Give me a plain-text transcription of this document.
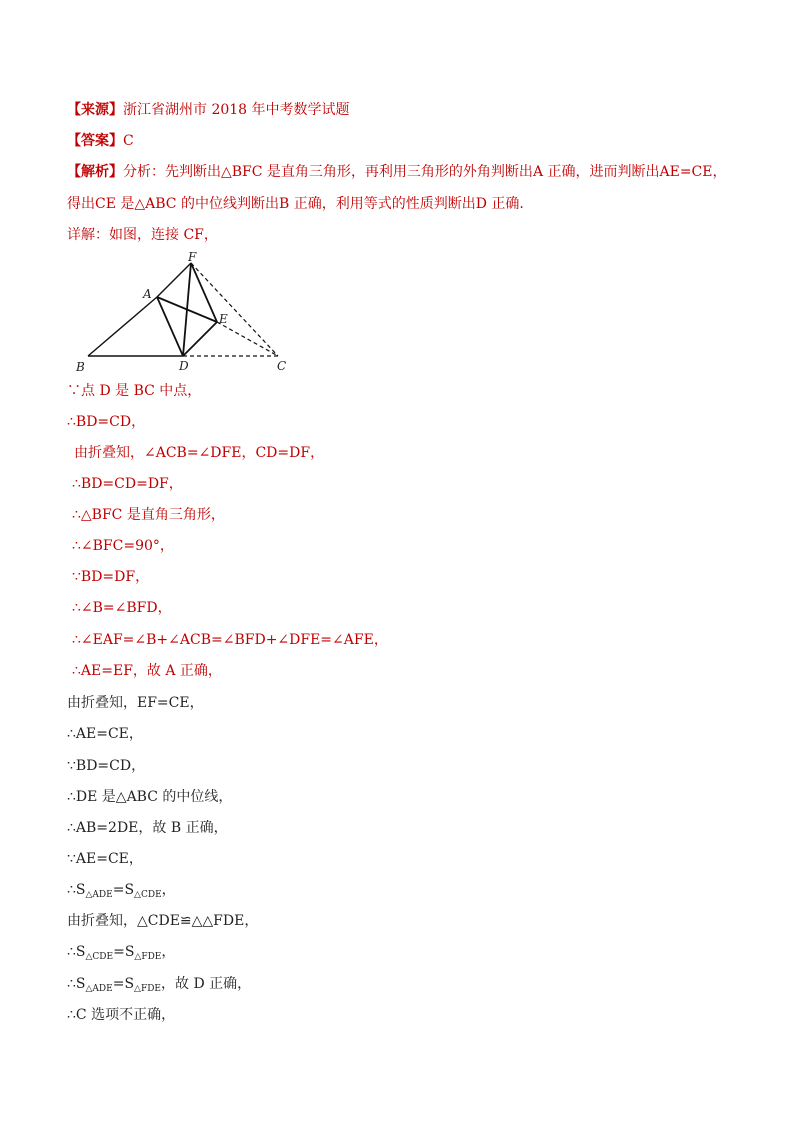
【来源】浙江省湖州市 2018 年中考数学试题
【答案】C
【解析】分析：先判断出△BFC 是直角三角形，再利用三角形的外角判断出A 正确，进而判断出AE=CE，
得出CE 是△ABC 的中位线判断出B 正确，利用等式的性质判断出D 正确.
详解：如图，连接 CF，
F
A
E
B	D	C
∵点 D 是 BC 中点，
∴BD=CD，
由折叠知，∠ACB=∠DFE，CD=DF，
∴BD=CD=DF，
∴△BFC 是直角三角形，
∴∠BFC=90°，
∵BD=DF，
∴∠B=∠BFD，
∴∠EAF=∠B+∠ACB=∠BFD+∠DFE=∠AFE，
∴AE=EF，故 A 正确，
由折叠知，EF=CE，
∴AE=CE，
∵BD=CD，
∴DE 是△ABC 的中位线，
∴AB=2DE，故 B 正确，
∵AE=CE，
$\therefore S_{\triangle ADE}=S_{\triangle CDE}$，
由折叠知，△CDE≌△△FDE，
$\therefore S_{\triangle CDE}=S_{\triangle FDE}$，
$\therefore S_{\triangle ADE}=S_{\triangle FDE}$，故 D 正确，
∴C 选项不正确，
